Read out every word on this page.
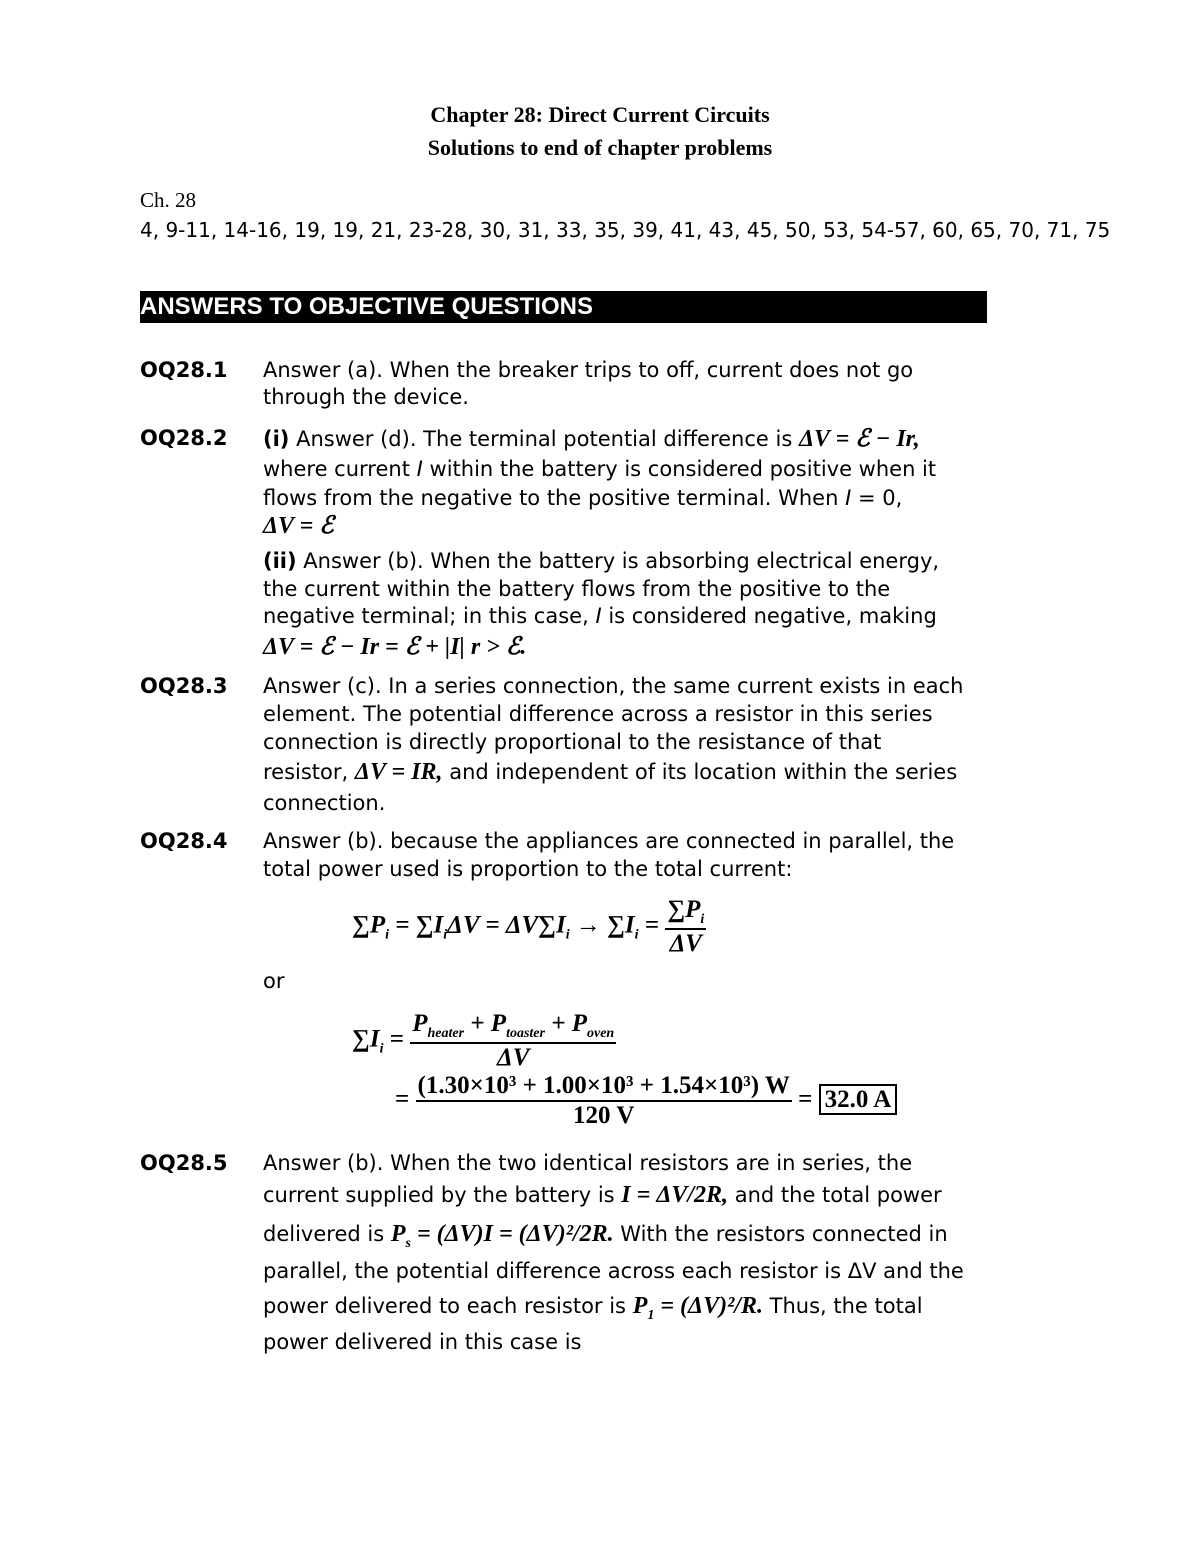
Chapter 28: Direct Current Circuits
Solutions to end of chapter problems
Ch. 28
4, 9-11, 14-16, 19, 19, 21, 23-28, 30, 31, 33, 35, 39, 41, 43, 45, 50, 53, 54-57, 60, 65, 70, 71, 75
ANSWERS TO OBJECTIVE QUESTIONS
OQ28.1 Answer (a). When the breaker trips to off, current does not go
through the device.
OQ28.2 (i) Answer (d). The terminal potential difference is ΔV = ℰ − Ir,
where current I within the battery is considered positive when it
flows from the negative to the positive terminal. When I = 0,
ΔV = ℰ
(ii) Answer (b). When the battery is absorbing electrical energy,
the current within the battery flows from the positive to the
negative terminal; in this case, I is considered negative, making
ΔV = ℰ − Ir = ℰ + |I| r > ℰ.
OQ28.3 Answer (c). In a series connection, the same current exists in each
element. The potential difference across a resistor in this series
connection is directly proportional to the resistance of that
resistor, ΔV = IR, and independent of its location within the series
connection.
OQ28.4 Answer (b). because the appliances are connected in parallel, the
total power used is proportion to the total current:
$\sum P_i = \sum I_i\Delta V = \Delta V\sum I_i \to \sum I_i = \frac{\sum P_i}{\Delta V}$
or
$\sum I_i = \frac{P_{heater} + P_{toaster} + P_{oven}}{\Delta V}$
= $\frac{\text{(1.30×10³ + 1.00×10³ + 1.54×10³) W}}{120 V} = 32.0$ A
OQ28.5 Answer (b). When the two identical resistors are in series, the
current supplied by the battery is I = ΔV/2R, and the total power
delivered is $P_s = (\Delta V)I = (\Delta V)^2/2R$. With the resistors connected in
parallel, the potential difference across each resistor is ΔV and the
power delivered to each resistor is $P_1 = (\Delta V)^2/R$. Thus, the total
power delivered in this case is
